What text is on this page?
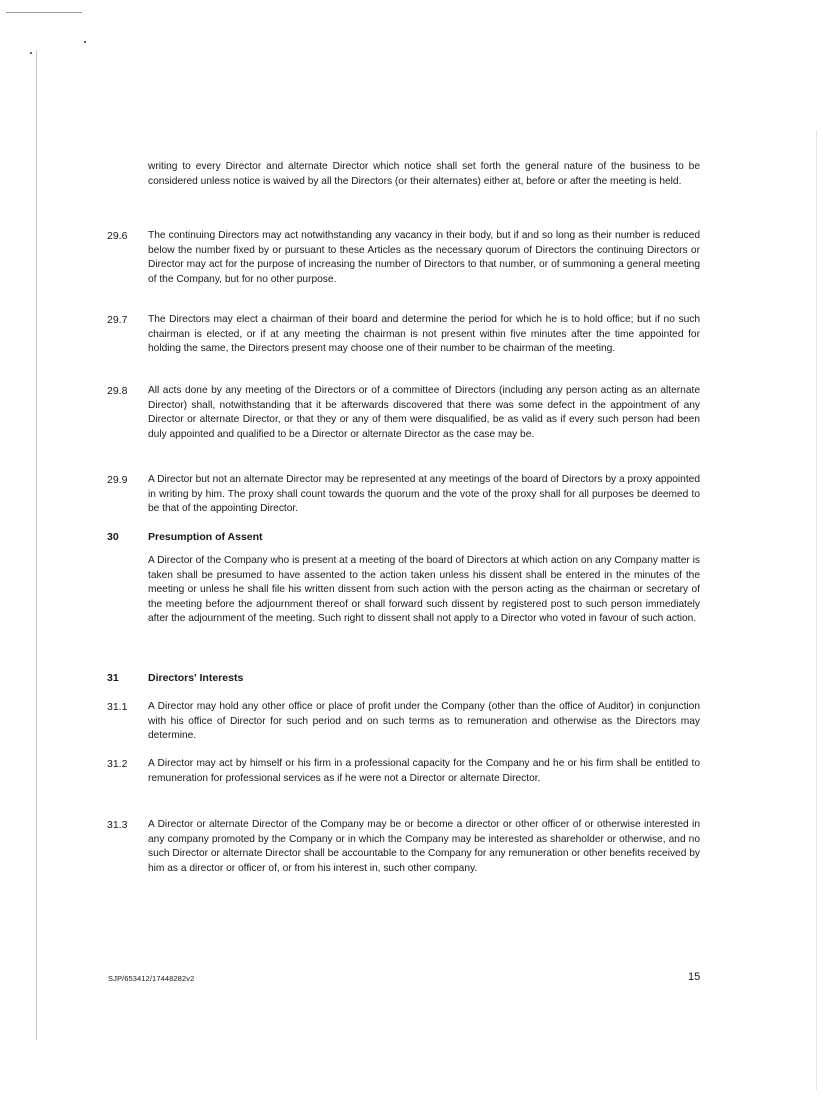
writing to every Director and alternate Director which notice shall set forth the general nature of the business to be considered unless notice is waived by all the Directors (or their alternates) either at, before or after the meeting is held.

29.6	The continuing Directors may act notwithstanding any vacancy in their body, but if and so long as their number is reduced below the number fixed by or pursuant to these Articles as the necessary quorum of Directors the continuing Directors or Director may act for the purpose of increasing the number of Directors to that number, or of summoning a general meeting of the Company, but for no other purpose.

29.7	The Directors may elect a chairman of their board and determine the period for which he is to hold office; but if no such chairman is elected, or if at any meeting the chairman is not present within five minutes after the time appointed for holding the same, the Directors present may choose one of their number to be chairman of the meeting.

29.8	All acts done by any meeting of the Directors or of a committee of Directors (including any person acting as an alternate Director) shall, notwithstanding that it be afterwards discovered that there was some defect in the appointment of any Director or alternate Director, or that they or any of them were disqualified, be as valid as if every such person had been duly appointed and qualified to be a Director or alternate Director as the case may be.

29.9	A Director but not an alternate Director may be represented at any meetings of the board of Directors by a proxy appointed in writing by him. The proxy shall count towards the quorum and the vote of the proxy shall for all purposes be deemed to be that of the appointing Director.

30	Presumption of Assent

A Director of the Company who is present at a meeting of the board of Directors at which action on any Company matter is taken shall be presumed to have assented to the action taken unless his dissent shall be entered in the minutes of the meeting or unless he shall file his written dissent from such action with the person acting as the chairman or secretary of the meeting before the adjournment thereof or shall forward such dissent by registered post to such person immediately after the adjournment of the meeting. Such right to dissent shall not apply to a Director who voted in favour of such action.

31	Directors' Interests
31.1	A Director may hold any other office or place of profit under the Company (other than the office of Auditor) in conjunction with his office of Director for such period and on such terms as to remuneration and otherwise as the Directors may determine.

31.2	A Director may act by himself or his firm in a professional capacity for the Company and he or his firm shall be entitled to remuneration for professional services as if he were not a Director or alternate Director.

31.3	A Director or alternate Director of the Company may be or become a director or other officer of or otherwise interested in any company promoted by the Company or in which the Company may be interested as shareholder or otherwise, and no such Director or alternate Director shall be accountable to the Company for any remuneration or other benefits received by him as a director or officer of, or from his interest in, such other company.

SJP/653412/17448282v2	15
